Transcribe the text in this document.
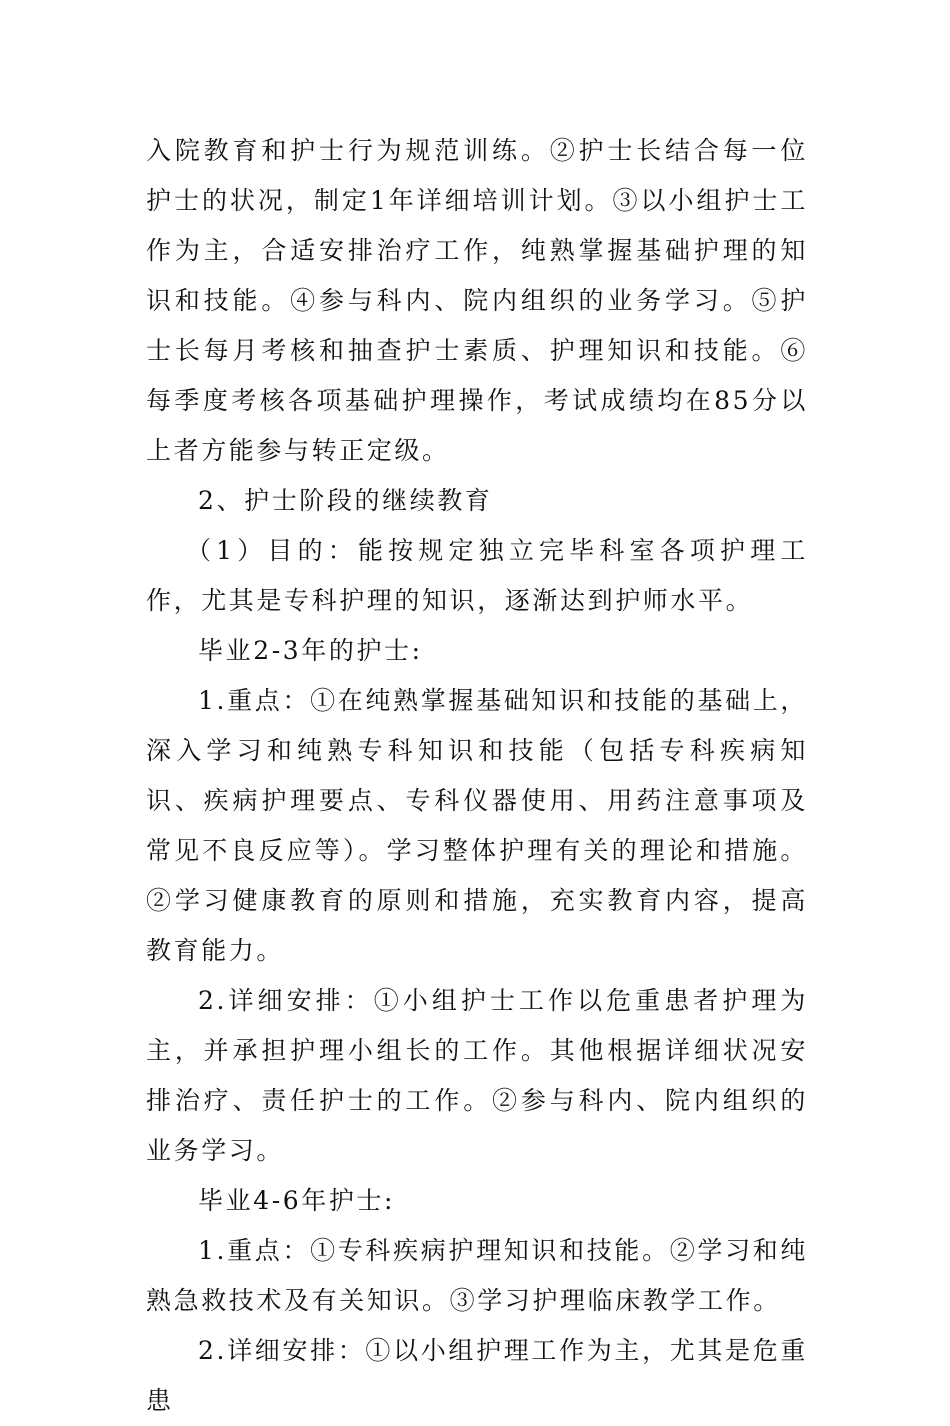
入院教育和护士行为规范训练。②护士长结合每一位护士的状况，制定1年详细培训计划。③以小组护士工作为主，合适安排治疗工作，纯熟掌握基础护理的知识和技能。④参与科内、院内组织的业务学习。⑤护士长每月考核和抽查护士素质、护理知识和技能。⑥每季度考核各项基础护理操作，考试成绩均在85分以上者方能参与转正定级。

2、护士阶段的继续教育

（1）目的：能按规定独立完毕科室各项护理工作，尤其是专科护理的知识，逐渐达到护师水平。

毕业2-3年的护士:

1.重点：①在纯熟掌握基础知识和技能的基础上，深入学习和纯熟专科知识和技能（包括专科疾病知识、疾病护理要点、专科仪器使用、用药注意事项及常见不良反应等）。学习整体护理有关的理论和措施。②学习健康教育的原则和措施，充实教育内容，提高教育能力。

2.详细安排：①小组护士工作以危重患者护理为主，并承担护理小组长的工作。其他根据详细状况安排治疗、责任护士的工作。②参与科内、院内组织的业务学习。

毕业4-6年护士:

1.重点：①专科疾病护理知识和技能。②学习和纯熟急救技术及有关知识。③学习护理临床教学工作。

2.详细安排：①以小组护理工作为主，尤其是危重患
